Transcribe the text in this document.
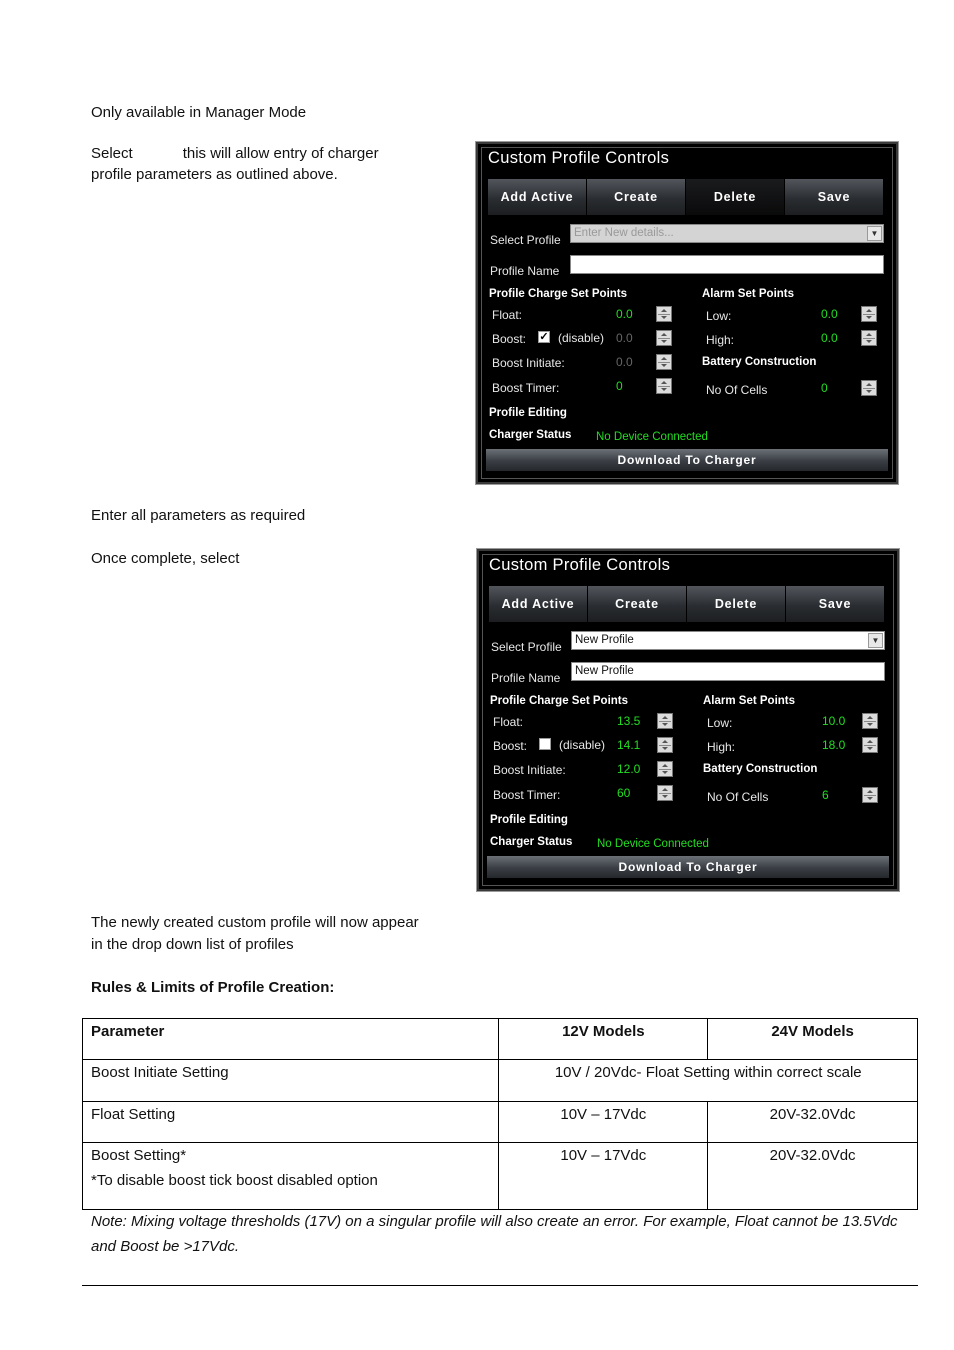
Only available in Manager Mode
Select            this will allow entry of charger
profile parameters as outlined above.
Enter all parameters as required
Once complete, select
The newly created custom profile will now appear
in the drop down list of profiles
Rules & Limits of Profile Creation:
Custom Profile Controls
Add Active	Create	Delete	Save
Select Profile Enter New details...	▼
Profile Name
Profile Charge Set Points	Alarm Set Points
Float:	0.0
Boost: ✓ (disable) 0.0
Boost Initiate:	0.0
Boost Timer:	0
Low:	0.0
High:	0.0
Battery Construction
No Of Cells	0
Profile Editing
Charger Status No Device Connected
Download To Charger
Custom Profile Controls
Add Active	Create	Delete	Save
Select Profile New Profile	▼
Profile Name New Profile
Profile Charge Set Points	Alarm Set Points
Float:	13.5
Boost:	(disable) 14.1
Boost Initiate:	12.0
Boost Timer:	60
Low:	10.0
High:	18.0
Battery Construction
No Of Cells	6
Profile Editing
Charger Status No Device Connected
Download To Charger
Parameter	12V Models	24V Models
Boost Initiate Setting	10V / 20Vdc- Float Setting within correct scale	
Float Setting	10V – 17Vdc	20V-32.0Vdc

Boost Setting*
*To disable boost tick boost disabled option	10V – 17Vdc	20V-32.0Vdc
Note: Mixing voltage thresholds (17V) on a singular profile will also create an error. For example, Float cannot be 13.5Vdc and Boost be >17Vdc.
